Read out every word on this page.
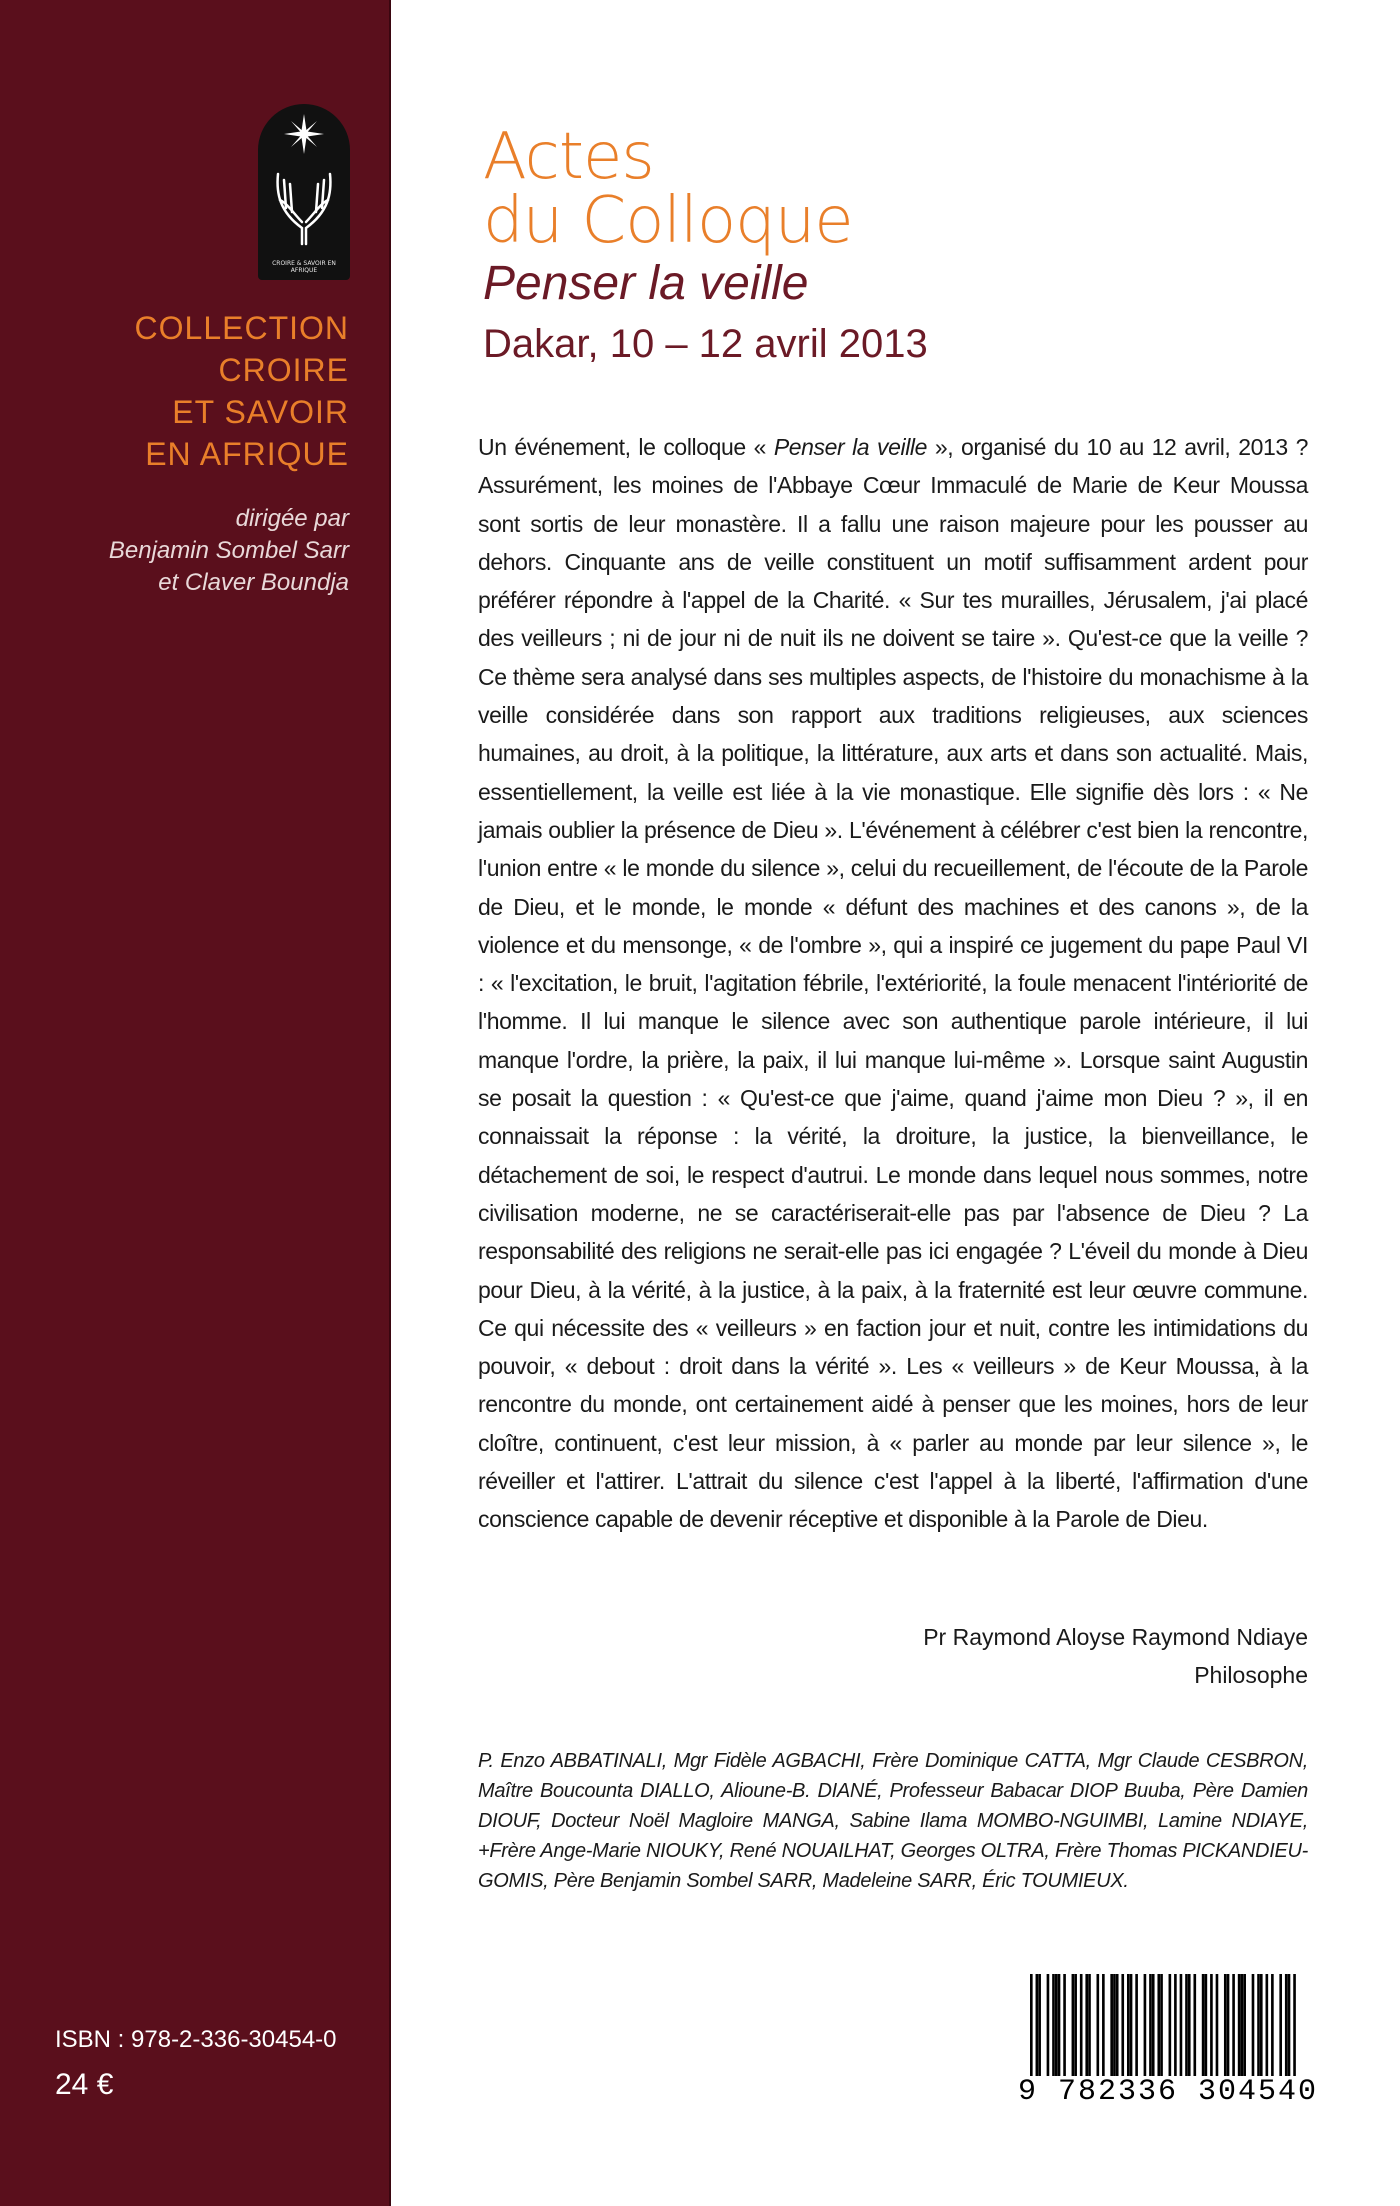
CROIRE & SAVOIR EN AFRIQUE
COLLECTION
CROIRE
ET SAVOIR
EN AFRIQUE
dirigée par
Benjamin Sombel Sarr
et Claver Boundja
ISBN : 978-2-336-30454-0
24 €
Actes
du Colloque
Penser la veille
Dakar, 10 – 12 avril 2013
Un événement, le colloque « Penser la veille », organisé du 10 au 12 avril, 2013 ? Assurément, les moines de l'Abbaye Cœur Immaculé de Marie de Keur Moussa sont sortis de leur monastère. Il a fallu une raison majeure pour les pousser au dehors. Cinquante ans de veille constituent un motif suffisamment ardent pour préférer répondre à l'appel de la Charité. « Sur tes murailles, Jérusalem, j'ai placé des veilleurs ; ni de jour ni de nuit ils ne doivent se taire ». Qu'est-ce que la veille ? Ce thème sera analysé dans ses multiples aspects, de l'histoire du monachisme à la veille considérée dans son rapport aux traditions religieuses, aux sciences humaines, au droit, à la politique, la littérature, aux arts et dans son actualité. Mais, essentiellement, la veille est liée à la vie monastique. Elle signifie dès lors : « Ne jamais oublier la présence de Dieu ». L'événement à célébrer c'est bien la rencontre, l'union entre « le monde du silence », celui du recueillement, de l'écoute de la Parole de Dieu, et le monde, le monde « défunt des machines et des canons », de la violence et du mensonge, « de l'ombre », qui a inspiré ce jugement du pape Paul VI : « l'excitation, le bruit, l'agitation fébrile, l'extériorité, la foule menacent l'intériorité de l'homme. Il lui manque le silence avec son authentique parole intérieure, il lui manque l'ordre, la prière, la paix, il lui manque lui-même ». Lorsque saint Augustin se posait la question : « Qu'est-ce que j'aime, quand j'aime mon Dieu ? », il en connaissait la réponse : la vérité, la droiture, la justice, la bienveillance, le détachement de soi, le respect d'autrui. Le monde dans lequel nous sommes, notre civilisation moderne, ne se caractériserait-elle pas par l'absence de Dieu ? La responsabilité des religions ne serait-elle pas ici engagée ? L'éveil du monde à Dieu pour Dieu, à la vérité, à la justice, à la paix, à la fraternité est leur œuvre commune. Ce qui nécessite des « veilleurs » en faction jour et nuit, contre les intimidations du pouvoir, « debout : droit dans la vérité ». Les « veilleurs » de Keur Moussa, à la rencontre du monde, ont certainement aidé à penser que les moines, hors de leur cloître, continuent, c'est leur mission, à « parler au monde par leur silence », le réveiller et l'attirer. L'attrait du silence c'est l'appel à la liberté, l'affirmation d'une conscience capable de devenir réceptive et disponible à la Parole de Dieu.
Pr Raymond Aloyse Raymond Ndiaye
Philosophe
P. Enzo ABBATINALI, Mgr Fidèle AGBACHI, Frère Dominique CATTA, Mgr Claude CESBRON, Maître Boucounta DIALLO, Alioune-B. DIANÉ, Professeur Babacar DIOP Buuba, Père Damien DIOUF, Docteur Noël Magloire MANGA, Sabine Ilama MOMBO-NGUIMBI, Lamine NDIAYE, +Frère Ange-Marie NIOUKY, René NOUAILHAT, Georges OLTRA, Frère Thomas PICKANDIEU-GOMIS, Père Benjamin Sombel SARR, Madeleine SARR, Éric TOUMIEUX.
9 782336 304540
